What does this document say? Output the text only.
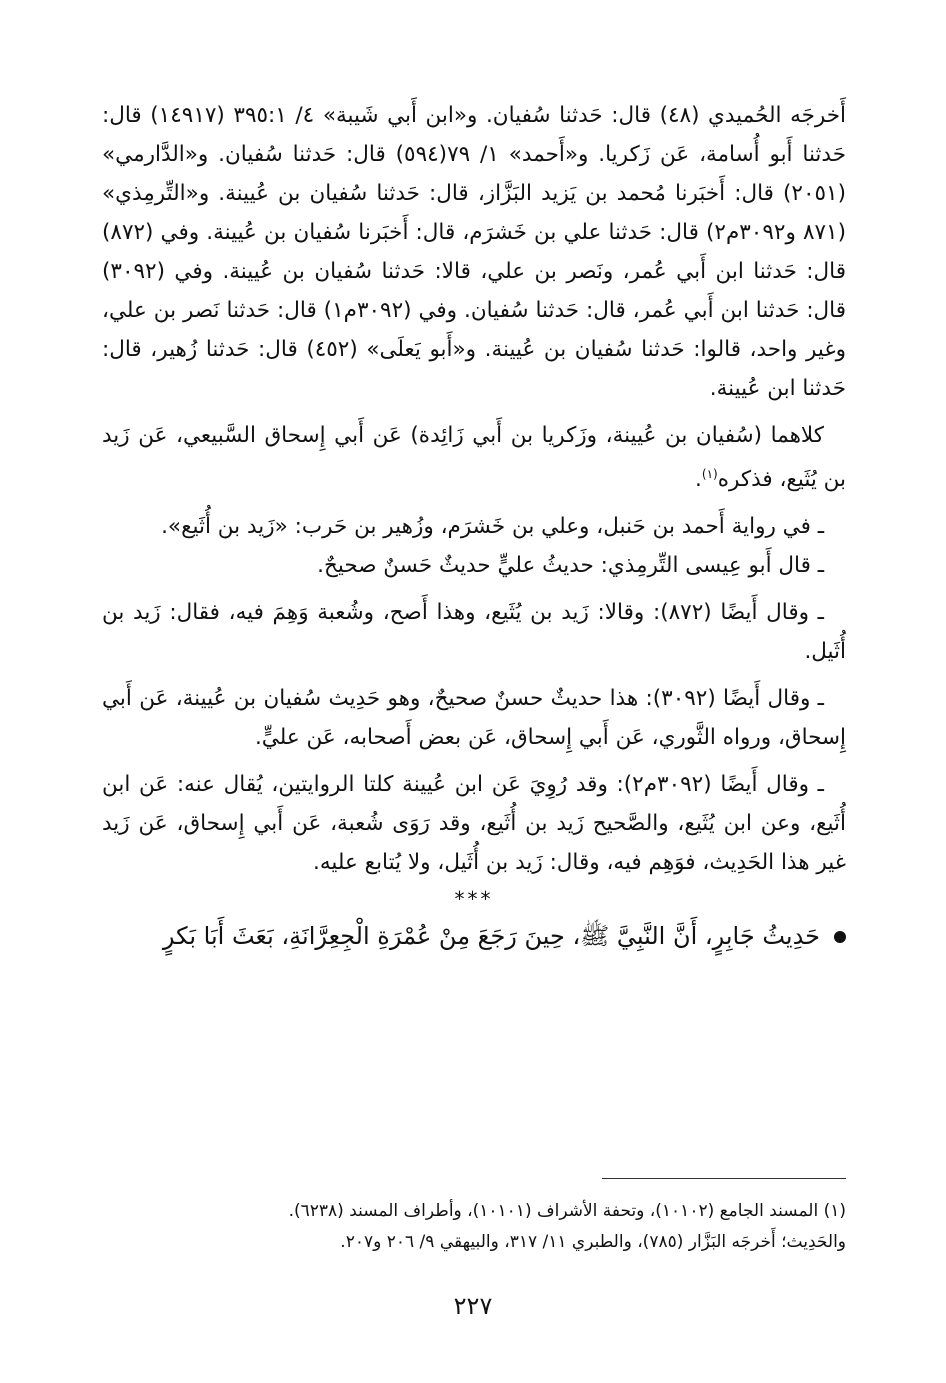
أَخرجَه الحُميدي (٤٨) قال: حَدثنا سُفيان. و«ابن أَبي شَيبة» ٤/ ٣٩٥:١ (١٤٩١٧) قال: حَدثنا أَبو أُسامة، عَن زَكريا. و«أَحمد» ١/ ٧٩(٥٩٤) قال: حَدثنا سُفيان. و«الدَّارمي» (٢٠٥١) قال: أَخبَرنا مُحمد بن يَزيد البَزَّاز، قال: حَدثنا سُفيان بن عُيينة. و«التِّرمِذي» (٨٧١ و٣٠٩٢م٢) قال: حَدثنا علي بن خَشرَم، قال: أَخبَرنا سُفيان بن عُيينة. وفي (٨٧٢) قال: حَدثنا ابن أَبي عُمر، ونَصر بن علي، قالا: حَدثنا سُفيان بن عُيينة. وفي (٣٠٩٢) قال: حَدثنا ابن أَبي عُمر، قال: حَدثنا سُفيان. وفي (٣٠٩٢م١) قال: حَدثنا نَصر بن علي، وغير واحد، قالوا: حَدثنا سُفيان بن عُيينة. و«أَبو يَعلَى» (٤٥٢) قال: حَدثنا زُهير، قال: حَدثنا ابن عُيينة.

كلاهما (سُفيان بن عُيينة، وزَكريا بن أَبي زَائِدة) عَن أَبي إِسحاق السَّبيعي، عَن زَيد بن يُثَيع، فذكره$^{(١)}$.

ـ في رواية أَحمد بن حَنبل، وعلي بن خَشرَم، وزُهير بن حَرب: «زَيد بن أُثَيع».

ـ قال أَبو عِيسى التِّرمِذي: حديثُ عليٍّ حديثٌ حَسنٌ صحيحٌ.

ـ وقال أَيضًا (٨٧٢): وقالا: زَيد بن يُثَيع، وهذا أَصح، وشُعبة وَهِمَ فيه، فقال: زَيد بن أُثَيل.

ـ وقال أَيضًا (٣٠٩٢): هذا حديثٌ حسنٌ صحيحٌ، وهو حَدِيث سُفيان بن عُيينة، عَن أَبي إِسحاق، ورواه الثَّوري، عَن أَبي إِسحاق، عَن بعض أَصحابه، عَن عليٍّ.

ـ وقال أَيضًا (٣٠٩٢م٢): وقد رُوِيَ عَن ابن عُيينة كلتا الروايتين، يُقال عنه: عَن ابن أُثَيع، وعن ابن يُثَيع، والصَّحيح زَيد بن أُثَيع، وقد رَوَى شُعبة، عَن أَبي إِسحاق، عَن زَيد غير هذا الحَدِيث، فوَهِم فيه، وقال: زَيد بن أُثَيل، ولا يُتابع عليه.

***

حَدِيثُ جَابِرٍ، أَنَّ النَّبِيَّ ﷺ، حِينَ رَجَعَ مِنْ عُمْرَةِ الْجِعِرَّانَةِ، بَعَثَ أَبَا بَكرٍ

(١) المسند الجامع (١٠١٠٢)، وتحفة الأشراف (١٠١٠١)، وأطراف المسند (٦٢٣٨).

والحَدِيث؛ أَخرجَه البَزَّار (٧٨٥)، والطبري ١١/ ٣١٧، والبيهقي ٩/ ٢٠٦ و٢٠٧.

٢٢٧
